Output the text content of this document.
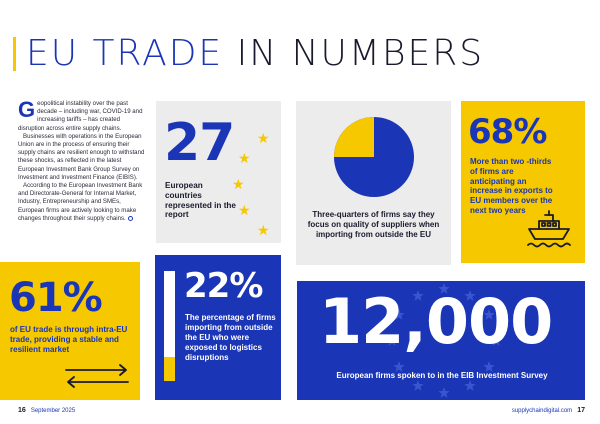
EU TRADE IN NUMBERS
G eopolitical instability over the past decade – including war, COVID-19 and increasing tariffs – has created disruption across entire supply chains.

Businesses with operations in the European Union are in the process of ensuring their supply chains are resilient enough to withstand these shocks, as reflected in the latest European Investment Bank Group Survey on Investment and Investment Finance (EIBIS).

According to the European Investment Bank and Directorate-General for Internal Market, Industry, Entrepreneurship and SMEs, European firms are actively looking to make changes throughout their supply chains.

27
European countries represented in the report
★
★
★
★
★
Three-quarters of firms say they focus on quality of suppliers when importing from outside the EU
68%
More than two -thirds of firms are anticipating an increase in exports to EU members over the next two years
61%
of EU trade is through intra-EU trade, providing a stable and resilient market
22%
The percentage of firms importing from outside the EU who were exposed to logistics disruptions	12,000
European firms spoken to in the EIB Investment Survey
16 September 2025	supplychaindigital.com 17
